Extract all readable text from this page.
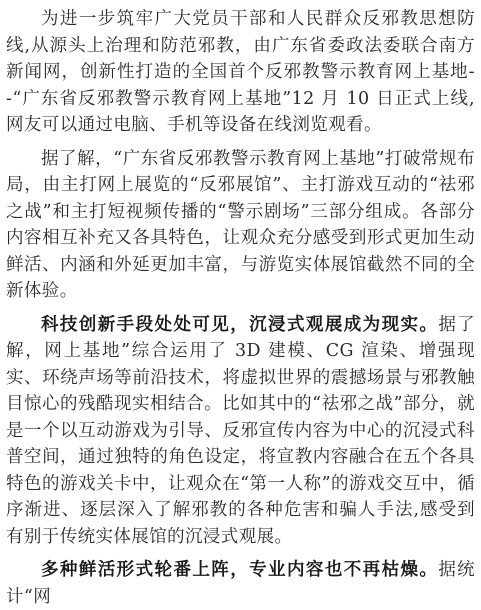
为进一步筑牢广大党员干部和人民群众反邪教思想防线,从源头上治理和防范邪教，由广东省委政法委联合南方新闻网，创新性打造的全国首个反邪教警示教育网上基地--“广东省反邪教警示教育网上基地”12 月 10 日正式上线,网友可以通过电脑、手机等设备在线浏览观看。

据了解，“广东省反邪教警示教育网上基地”打破常规布局，由主打网上展览的“反邪展馆”、主打游戏互动的“祛邪之战”和主打短视频传播的“警示剧场”三部分组成。各部分内容相互补充又各具特色，让观众充分感受到形式更加生动鲜活、内涵和外延更加丰富，与游览实体展馆截然不同的全新体验。

科技创新手段处处可见，沉浸式观展成为现实。据了解，网上基地”综合运用了 3D 建模、CG 渲染、增强现实、环绕声场等前沿技术，将虚拟世界的震撼场景与邪教触目惊心的残酷现实相结合。比如其中的“祛邪之战”部分，就是一个以互动游戏为引导、反邪宣传内容为中心的沉浸式科普空间，通过独特的角色设定，将宣教内容融合在五个各具特色的游戏关卡中，让观众在“第一人称”的游戏交互中，循序渐进、逐层深入了解邪教的各种危害和骗人手法,感受到有别于传统实体展馆的沉浸式观展。

多种鲜活形式轮番上阵，专业内容也不再枯燥。据统计“网
